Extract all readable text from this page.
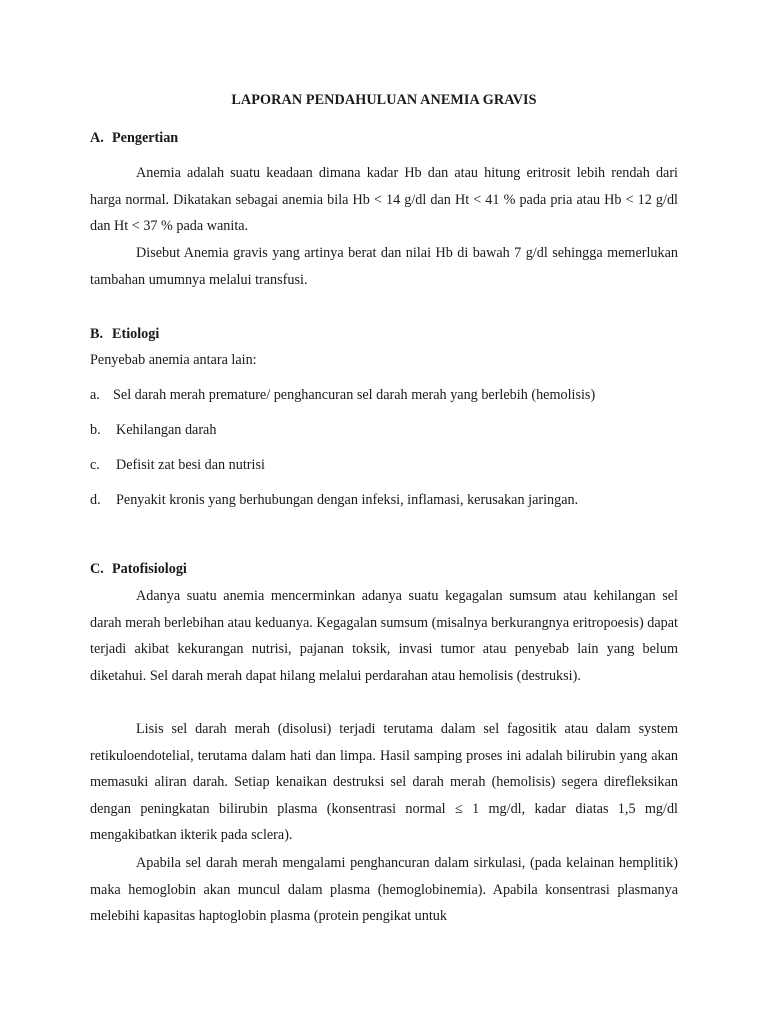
LAPORAN PENDAHULUAN ANEMIA GRAVIS
A. Pengertian

Anemia adalah suatu keadaan dimana kadar Hb dan atau hitung eritrosit lebih rendah dari harga normal. Dikatakan sebagai anemia bila Hb < 14 g/dl dan Ht < 41 % pada pria atau Hb < 12 g/dl dan Ht < 37 % pada wanita.

Disebut Anemia gravis yang artinya berat dan nilai Hb di bawah 7 g/dl sehingga memerlukan tambahan umumnya melalui transfusi.

B. Etiologi
Penyebab anemia antara lain:
a. Sel darah merah premature/ penghancuran sel darah merah yang berlebih (hemolisis)
b. Kehilangan darah
c. Defisit zat besi dan nutrisi
d. Penyakit kronis yang berhubungan dengan infeksi, inflamasi, kerusakan jaringan.
C. Patofisiologi

Adanya suatu anemia mencerminkan adanya suatu kegagalan sumsum atau kehilangan sel darah merah berlebihan atau keduanya. Kegagalan sumsum (misalnya berkurangnya eritropoesis) dapat terjadi akibat kekurangan nutrisi, pajanan toksik, invasi tumor atau penyebab lain yang belum diketahui. Sel darah merah dapat hilang melalui perdarahan atau hemolisis (destruksi).

Lisis sel darah merah (disolusi) terjadi terutama dalam sel fagositik atau dalam system retikuloendotelial, terutama dalam hati dan limpa. Hasil samping proses ini adalah bilirubin yang akan memasuki aliran darah. Setiap kenaikan destruksi sel darah merah (hemolisis) segera direfleksikan dengan peningkatan bilirubin plasma (konsentrasi normal ≤ 1 mg/dl, kadar diatas 1,5 mg/dl mengakibatkan ikterik pada sclera).

Apabila sel darah merah mengalami penghancuran dalam sirkulasi, (pada kelainan hemplitik) maka hemoglobin akan muncul dalam plasma (hemoglobinemia). Apabila konsentrasi plasmanya melebihi kapasitas haptoglobin plasma (protein pengikat untuk
